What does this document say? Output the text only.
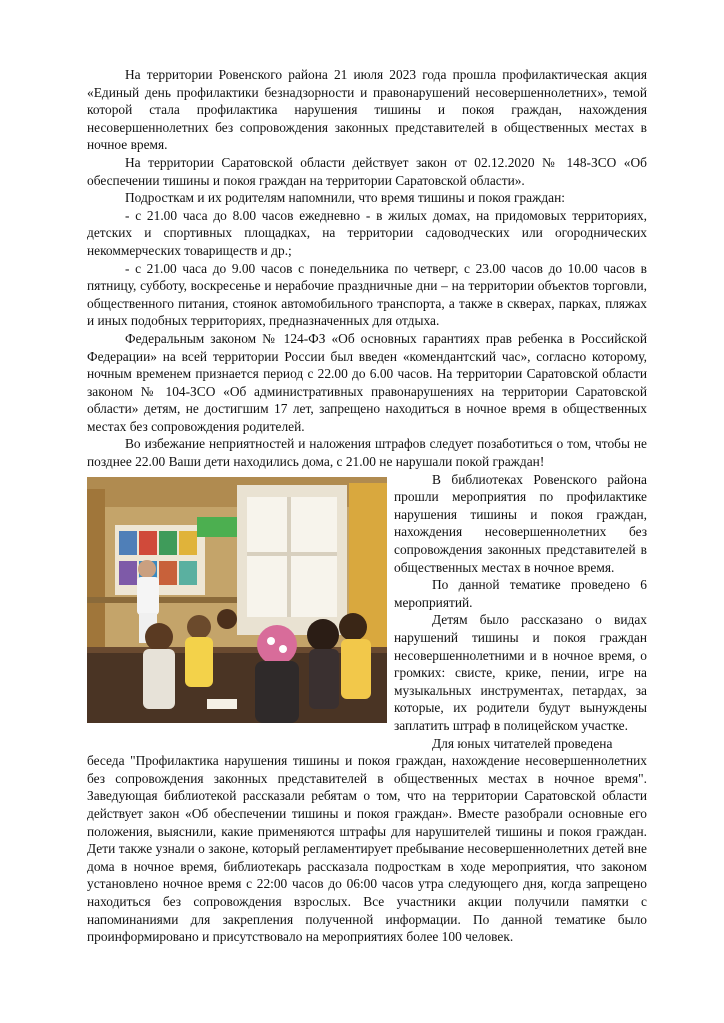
На территории Ровенского района 21 июля 2023 года прошла профилактическая акция «Единый день профилактики безнадзорности и правонарушений несовершеннолетних», темой которой стала профилактика нарушения тишины и покоя граждан, нахождения несовершеннолетних без сопровождения законных представителей в общественных местах в ночное время.

На территории Саратовской области действует закон от 02.12.2020 № 148-ЗСО «Об обеспечении тишины и покоя граждан на территории Саратовской области».

Подросткам и их родителям напомнили, что время тишины и покоя граждан:

- с 21.00 часа до 8.00 часов ежедневно - в жилых домах, на придомовых территориях, детских и спортивных площадках, на территории садоводческих или огороднических некоммерческих товариществ и др.;

- с 21.00 часа до 9.00 часов с понедельника по четверг, с 23.00 часов до 10.00 часов в пятницу, субботу, воскресенье и нерабочие праздничные дни – на территории объектов торговли, общественного питания, стоянок автомобильного транспорта, а также в скверах, парках, пляжах и иных подобных территориях, предназначенных для отдыха.

Федеральным законом № 124-ФЗ «Об основных гарантиях прав ребенка в Российской Федерации» на всей территории России был введен «комендантский час», согласно которому, ночным временем признается период с 22.00 до 6.00 часов. На территории Саратовской области законом № 104-ЗСО «Об административных правонарушениях на территории Саратовской области» детям, не достигшим 17 лет, запрещено находиться в ночное время в общественных местах без сопровождения родителей.

Во избежание неприятностей и наложения штрафов следует позаботиться о том, чтобы не позднее 22.00 Ваши дети находились дома, с 21.00 не нарушали покой граждан!

В библиотеках Ровенского района прошли мероприятия по профилактике нарушения тишины и покоя граждан, нахождения несовершеннолетних без сопровождения законных представителей в общественных местах в ночное время.

По данной тематике проведено 6 мероприятий.

Детям было рассказано о видах нарушений тишины и покоя граждан несовершеннолетними и в ночное время, о громких: свисте, крике, пении, игре на музыкальных инструментах, петардах, за которые, их родители будут вынуждены заплатить штраф в полицейском участке.

Для юных читателей проведена

беседа "Профилактика нарушения тишины и покоя граждан, нахождение несовершеннолетних без сопровождения законных представителей в общественных местах в ночное время". Заведующая библиотекой рассказали ребятам о том, что на территории Саратовской области действует закон «Об обеспечении тишины и покоя граждан». Вместе разобрали основные его положения, выяснили, какие применяются штрафы для нарушителей тишины и покоя граждан. Дети также узнали о законе, который регламентирует пребывание несовершеннолетних детей вне дома в ночное время, библиотекарь рассказала подросткам в ходе мероприятия, что законом установлено ночное время с 22:00 часов до 06:00 часов утра следующего дня, когда запрещено находиться без сопровождения взрослых. Все участники акции получили памятки с напоминаниями для закрепления полученной информации. По данной тематике было проинформировано и присутствовало на мероприятиях более 100 человек.
